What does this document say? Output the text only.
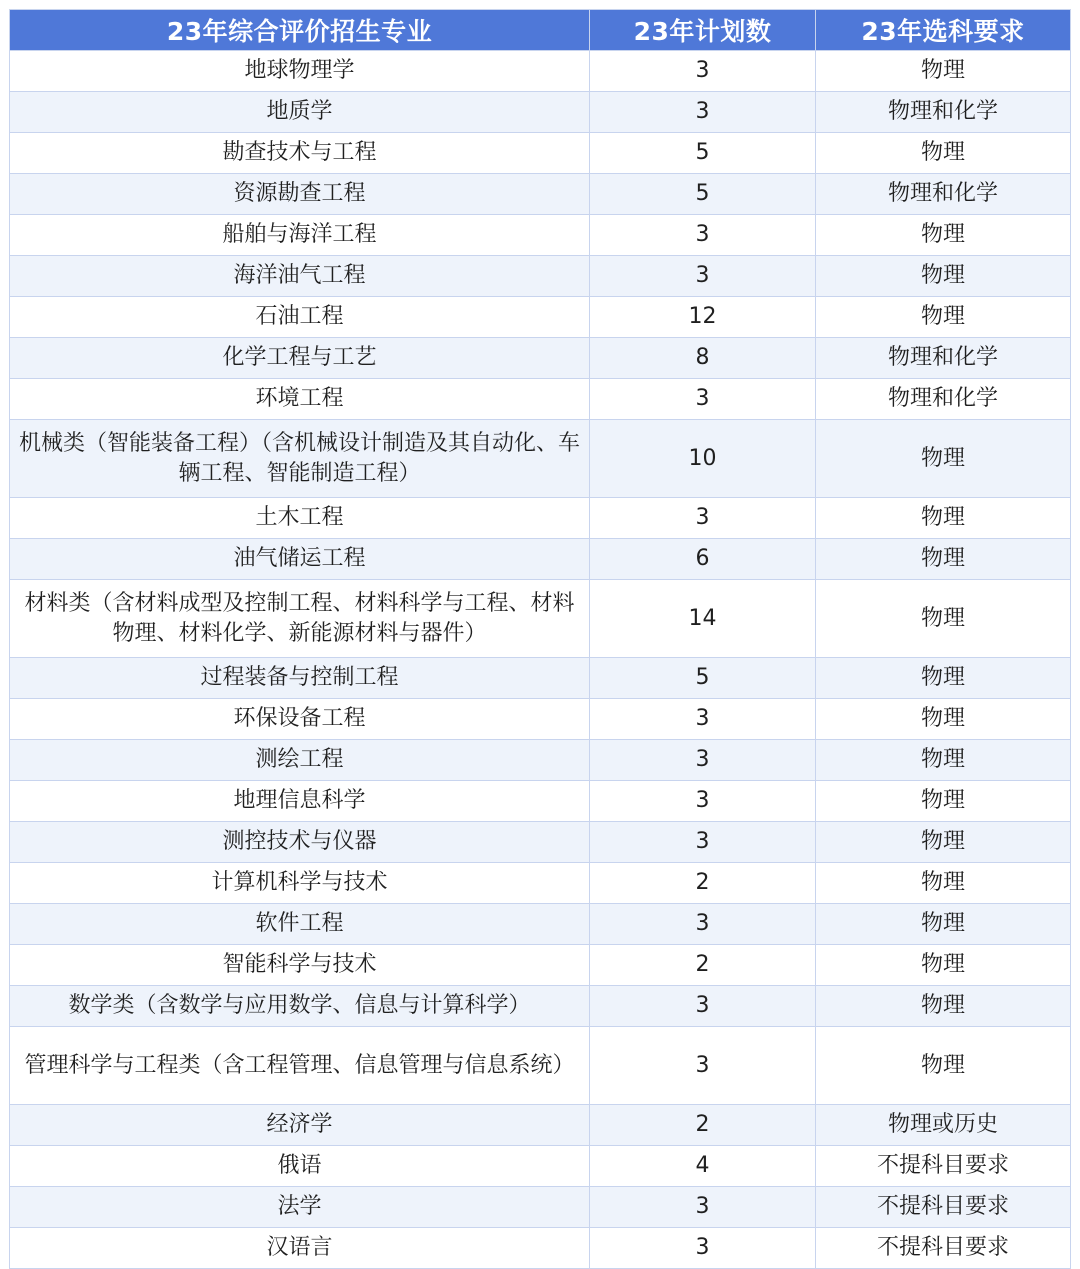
23年综合评价招生专业	23年计划数	23年选科要求
地球物理学	3	物理
地质学	3	物理和化学
勘查技术与工程	5	物理
资源勘查工程	5	物理和化学
船舶与海洋工程	3	物理
海洋油气工程	3	物理
石油工程	12	物理
化学工程与工艺	8	物理和化学
环境工程	3	物理和化学
机械类（智能装备工程）（含机械设计制造及其自动化、车辆工程、智能制造工程）	10	物理
土木工程	3	物理
油气储运工程	6	物理
材料类（含材料成型及控制工程、材料科学与工程、材料物理、材料化学、新能源材料与器件）	14	物理
过程装备与控制工程	5	物理
环保设备工程	3	物理
测绘工程	3	物理
地理信息科学	3	物理
测控技术与仪器	3	物理
计算机科学与技术	2	物理
软件工程	3	物理
智能科学与技术	2	物理
数学类（含数学与应用数学、信息与计算科学）	3	物理
管理科学与工程类（含工程管理、信息管理与信息系统）	3	物理
经济学	2	物理或历史
俄语	4	不提科目要求
法学	3	不提科目要求
汉语言	3	不提科目要求
